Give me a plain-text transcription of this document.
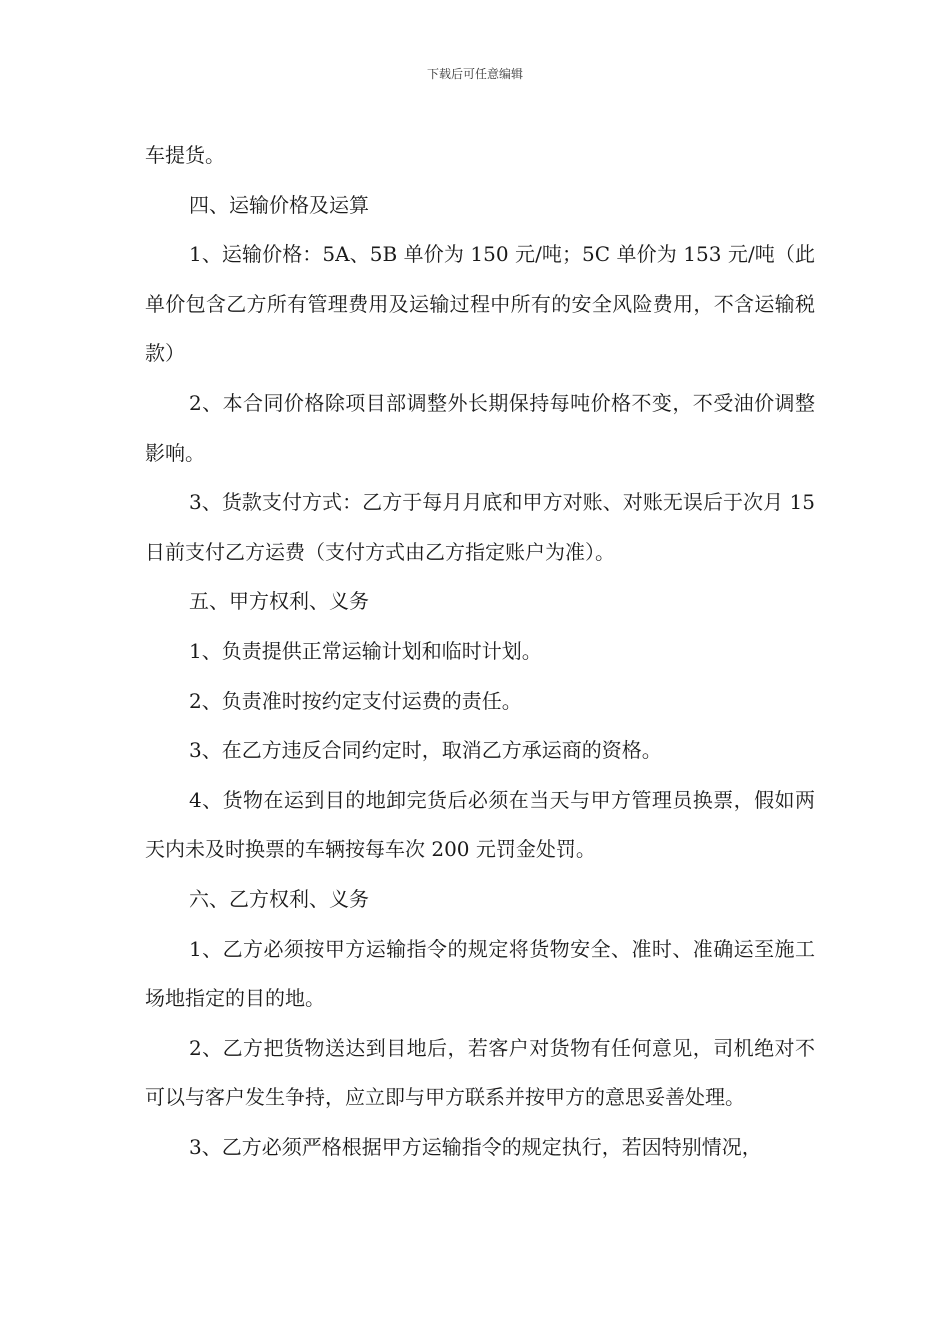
下载后可任意编辑

车提货。

四、运输价格及运算

1、运输价格：5A、5B 单价为 150 元/吨；5C 单价为 153 元/吨（此单价包含乙方所有管理费用及运输过程中所有的安全风险费用，不含运输税款）

2、本合同价格除项目部调整外长期保持每吨价格不变，不受油价调整影响。

3、货款支付方式：乙方于每月月底和甲方对账、对账无误后于次月 15 日前支付乙方运费（支付方式由乙方指定账户为准）。

五、甲方权利、义务

1、负责提供正常运输计划和临时计划。

2、负责准时按约定支付运费的责任。

3、在乙方违反合同约定时，取消乙方承运商的资格。

4、货物在运到目的地卸完货后必须在当天与甲方管理员换票，假如两天内未及时换票的车辆按每车次 200 元罚金处罚。

六、乙方权利、义务

1、乙方必须按甲方运输指令的规定将货物安全、准时、准确运至施工场地指定的目的地。

2、乙方把货物送达到目地后，若客户对货物有任何意见，司机绝对不可以与客户发生争持，应立即与甲方联系并按甲方的意思妥善处理。

3、乙方必须严格根据甲方运输指令的规定执行，若因特别情况，
